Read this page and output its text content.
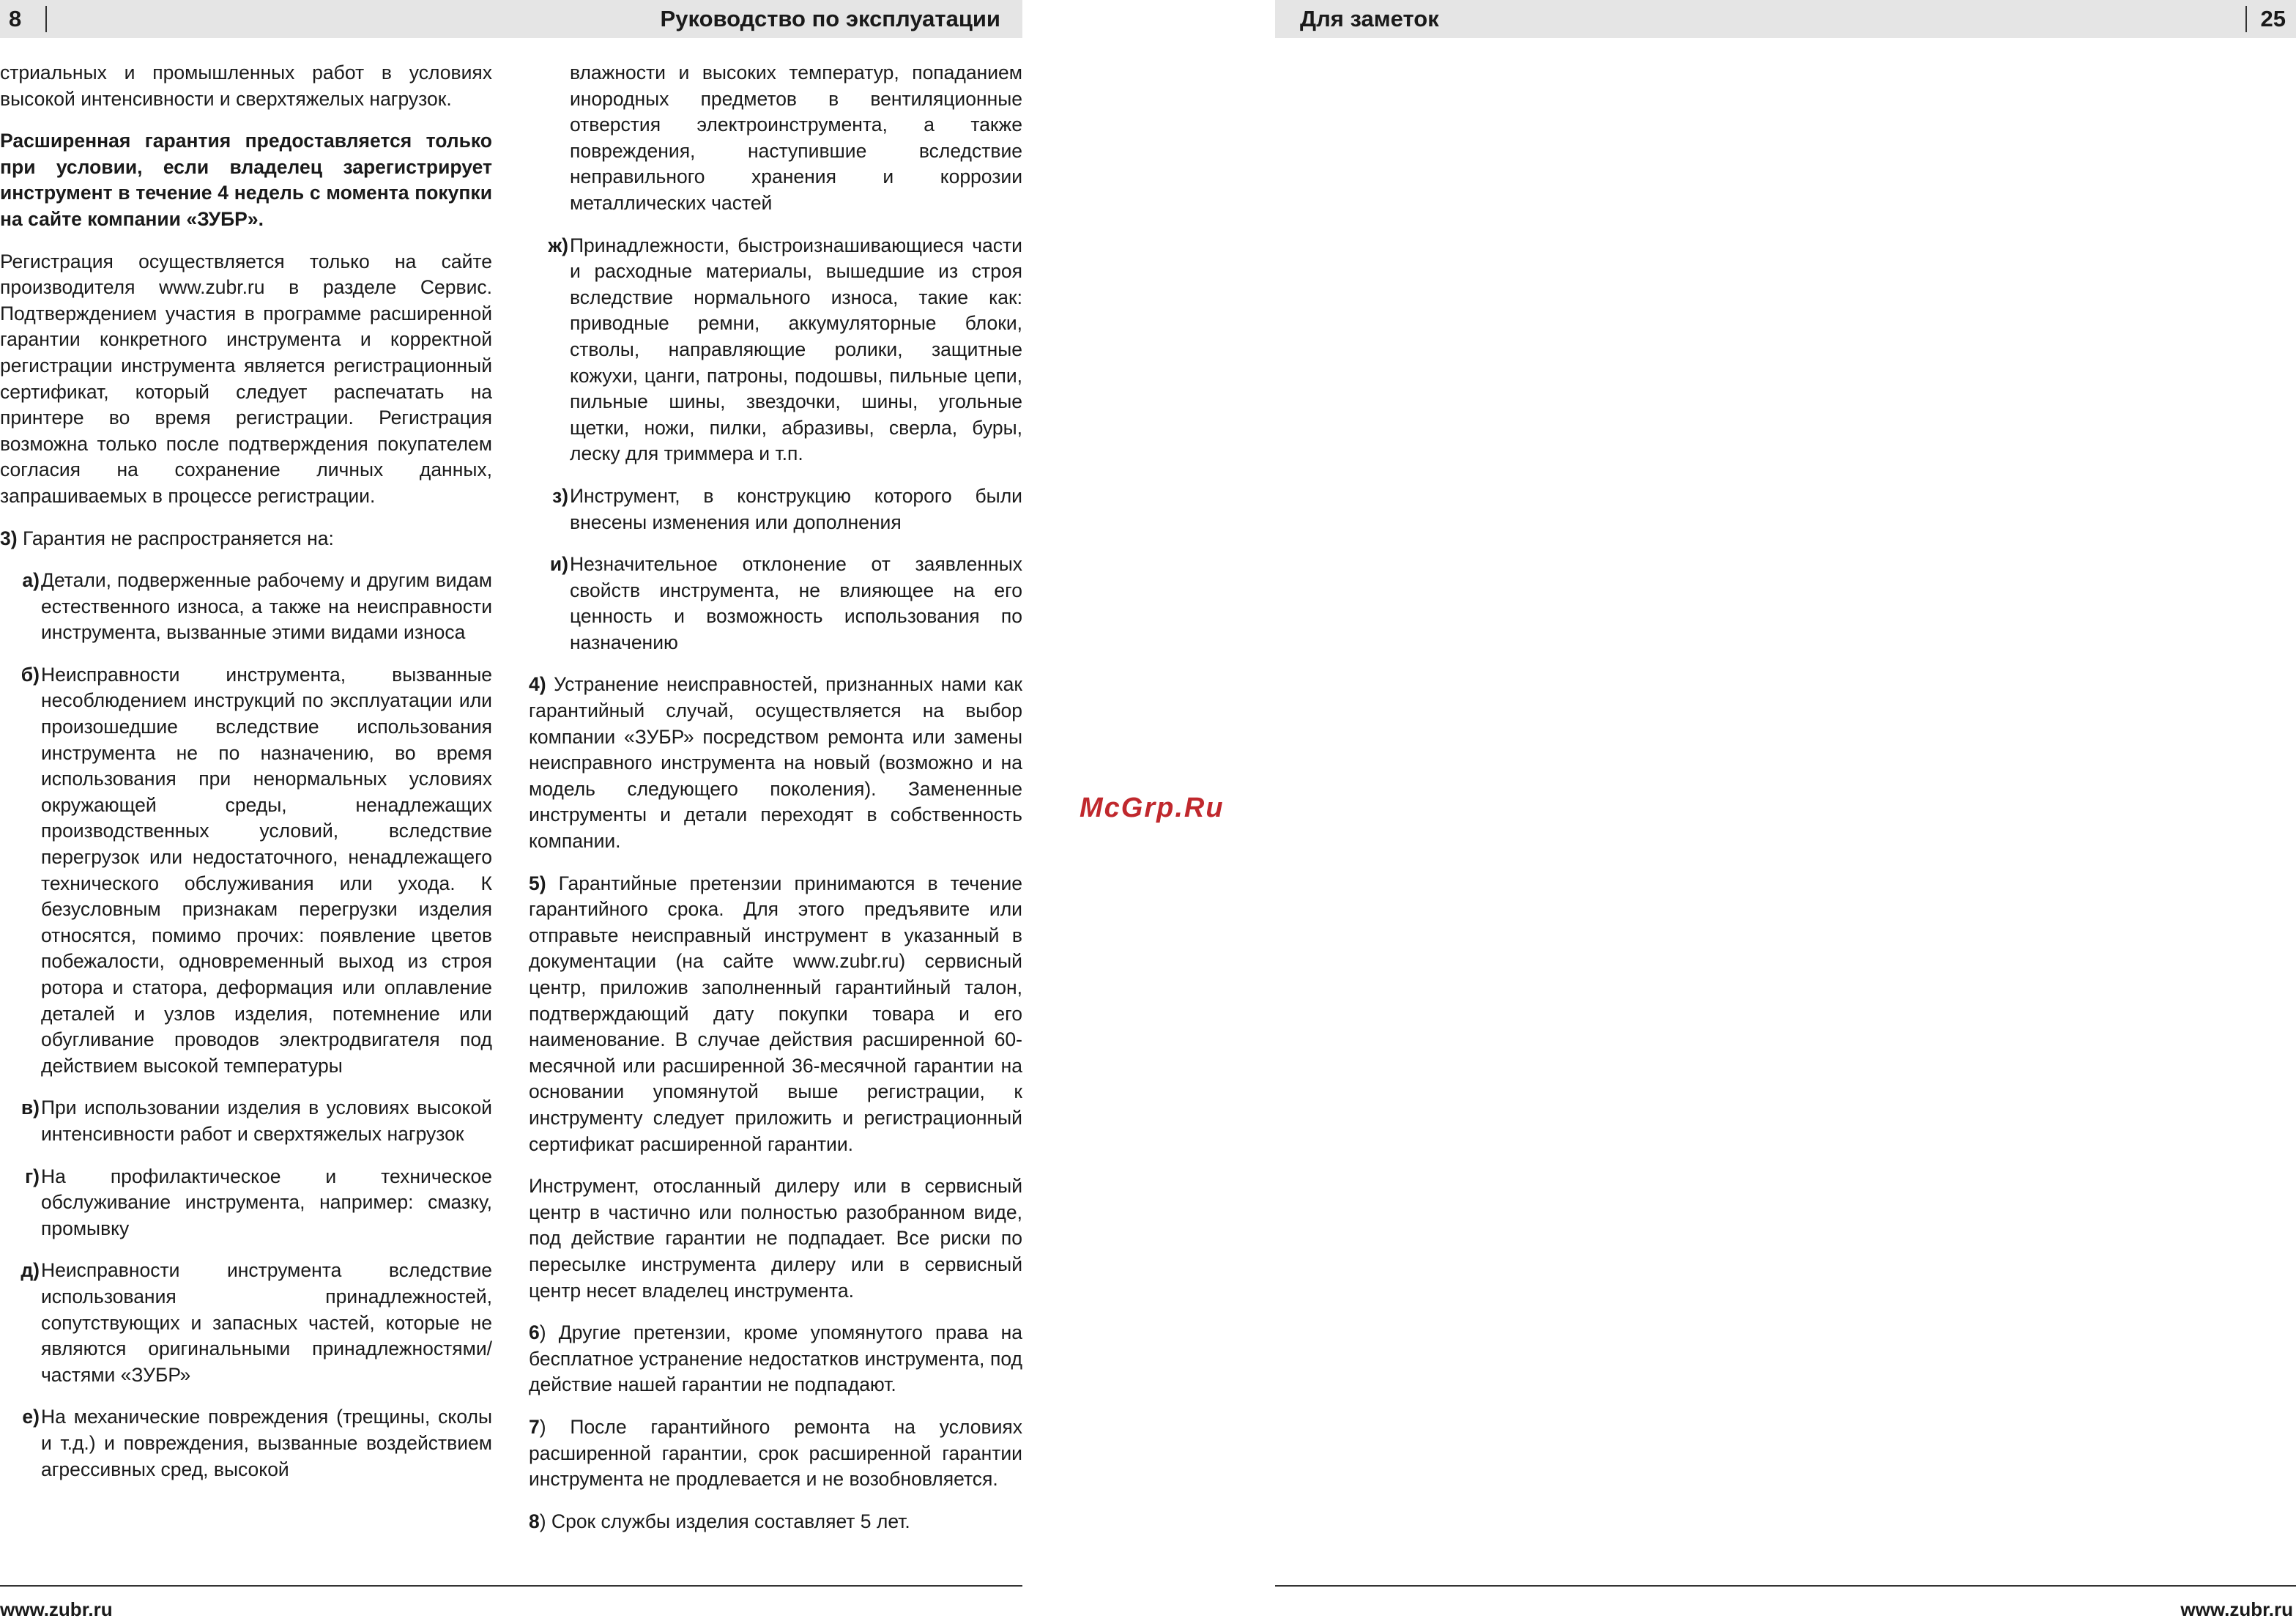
8	Руководство по эксплуатации	Для заметок	25

стриальных и промышленных работ в условиях высокой интенсивности и сверхтяжелых нагрузок.

Расширенная гарантия предоставляется только при условии, если владелец зарегистрирует инструмент в течение 4 недель с момента покупки на сайте компании «ЗУБР».

Регистрация осуществляется только на сайте производителя www.zubr.ru в разделе Сервис. Подтверждением участия в программе расширенной гарантии конкретного инструмента и корректной регистрации инструмента является регистрационный сертификат, который следует распечатать на принтере во время регистрации. Регистрация возможна только после подтверждения покупателем согласия на сохранение личных данных, запрашиваемых в процессе регистрации.

3) Гарантия не распространяется на:

а) Детали, подверженные рабочему и другим видам естественного износа, а также на неисправности инструмента, вызванные этими видами износа
б) Неисправности инструмента, вызванные несоблюдением инструкций по эксплуатации или произошедшие вследствие использования инструмента не по назначению, во время использования при ненормальных условиях окружающей среды, ненадлежащих производственных условий, вследствие перегрузок или недостаточного, ненадлежащего технического обслуживания или ухода. К безусловным признакам перегрузки изделия относятся, помимо прочих: появление цветов побежалости, одновременный выход из строя ротора и статора, деформация или оплавление деталей и узлов изделия, потемнение или обугливание проводов электродвигателя под действием высокой температуры
в) При использовании изделия в условиях высокой интенсивности работ и сверхтяжелых нагрузок
г) На профилактическое и техническое обслуживание инструмента, например: смазку, промывку
д) Неисправности инструмента вследствие использования принадлежностей, сопутствующих и запасных частей, которые не являются оригинальными принадлежностями/частями «ЗУБР»
е) На механические повреждения (трещины, сколы и т.д.) и повреждения, вызванные воздействием агрессивных сред, высокой
влажности и высоких температур, попаданием инородных предметов в вентиляционные отверстия электроинструмента, а также повреждения, наступившие вследствие неправильного хранения и коррозии металлических частей
ж) Принадлежности, быстроизнашивающиеся части и расходные материалы, вышедшие из строя вследствие нормального износа, такие как: приводные ремни, аккумуляторные блоки, стволы, направляющие ролики, защитные кожухи, цанги, патроны, подошвы, пильные цепи, пильные шины, звездочки, шины, угольные щетки, ножи, пилки, абразивы, сверла, буры, леску для триммера и т.п.
з) Инструмент, в конструкцию которого были внесены изменения или дополнения
и) Незначительное отклонение от заявленных свойств инструмента, не влияющее на его ценность и возможность использования по назначению

4) Устранение неисправностей, признанных нами как гарантийный случай, осуществляется на выбор компании «ЗУБР» посредством ремонта или замены неисправного инструмента на новый (возможно и на модель следующего поколения). Замененные инструменты и детали переходят в собственность компании.

5) Гарантийные претензии принимаются в течение гарантийного срока. Для этого предъявите или отправьте неисправный инструмент в указанный в документации (на сайте www.zubr.ru) сервисный центр, приложив заполненный гарантийный талон, подтверждающий дату покупки товара и его наименование. В случае действия расширенной 60-месячной или расширенной 36-месячной гарантии на основании упомянутой выше регистрации, к инструменту следует приложить и регистрационный сертификат расширенной гарантии.

Инструмент, отосланный дилеру или в сервисный центр в частично или полностью разобранном виде, под действие гарантии не подпадает. Все риски по пересылке инструмента дилеру или в сервисный центр несет владелец инструмента.

6) Другие претензии, кроме упомянутого права на бесплатное устранение недостатков инструмента, под действие нашей гарантии не подпадают.

7) После гарантийного ремонта на условиях расширенной гарантии, срок расширенной гарантии инструмента не продлевается и не возобновляется.

8) Срок службы изделия составляет 5 лет.

McGrp.Ru
www.zubr.ru	www.zubr.ru
